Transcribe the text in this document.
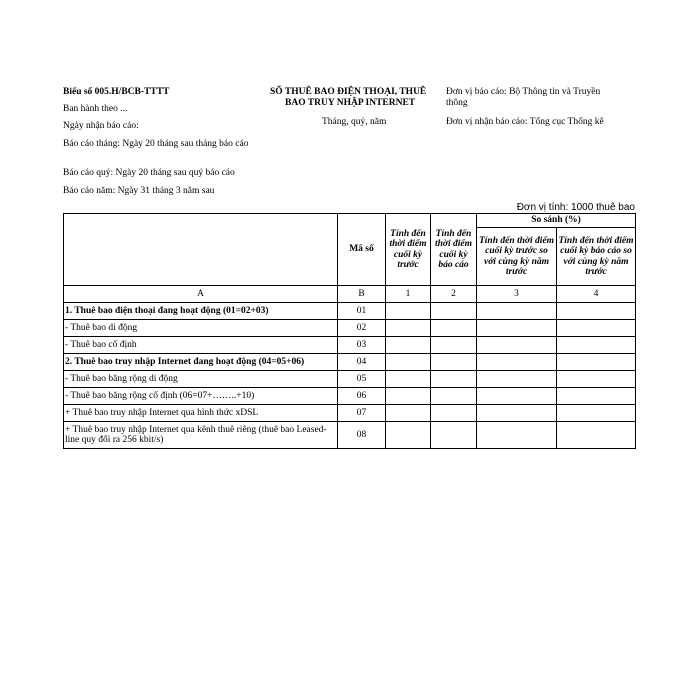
Biểu số 005.H/BCB-TTTT
Ban hành theo ...
Ngày nhận báo cáo:
Báo cáo tháng: Ngày 20 tháng sau tháng báo cáo
Báo cáo quý: Ngày 20 tháng sau quý báo cáo
Báo cáo năm: Ngày 31 tháng 3 năm sau
SỐ THUÊ BAO ĐIỆN THOẠI, THUÊ
BAO TRUY NHẬP INTERNET
Tháng, quý, năm
Đơn vị báo cáo: Bộ Thông tin và Truyền
thông
Đơn vị nhận báo cáo: Tổng cục Thống kê
Đơn vị tính: 1000 thuê bao
	Mã số	Tính đến thời điểm cuối kỳ trước	Tính đến thời điểm cuối kỳ báo cáo	So sánh (%)	
				Tính đến thời điểm cuối kỳ trước so với cùng kỳ năm trước	Tính đến thời điểm cuối kỳ báo cáo so với cùng kỳ năm trước
A	B	1	2	3	4
1. Thuê bao điện thoại đang hoạt động (01=02+03)	01				
- Thuê bao di động	02				
- Thuê bao cố định	03				
2. Thuê bao truy nhập Internet đang hoạt động (04=05+06)	04				
- Thuê bao băng rộng di động	05				
- Thuê bao băng rộng cố định (06=07+……..+10)	06				
+ Thuê bao truy nhập Internet qua hình thức xDSL	07				
+ Thuê bao truy nhập Internet qua kênh thuê riêng (thuê bao Leased-line quy đổi ra 256 kbit/s)	08				
